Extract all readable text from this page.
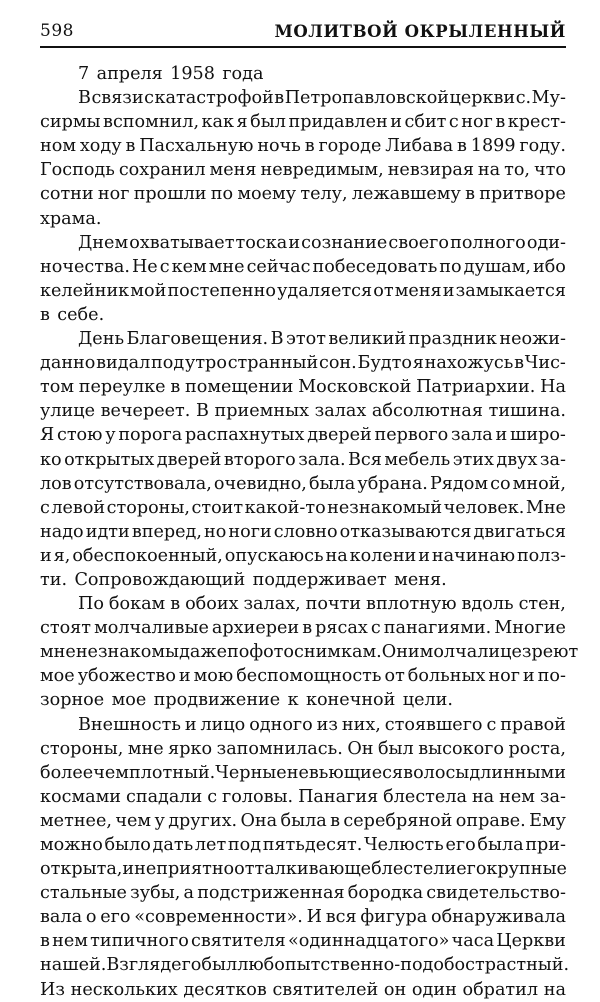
598	МОЛИТВОЙ ОКРЫЛЕННЫЙ
7 апреля 1958 года
В связи с катастрофой в Петропавловской церкви с. Му-
сирмы вспомнил, как я был придавлен и сбит с ног в крест-
ном ходу в Пасхальную ночь в городе Либава в 1899 году.
Господь сохранил меня невредимым, невзирая на то, что
сотни ног прошли по моему телу, лежавшему в притворе
храма.
Днем охватывает тоска и сознание своего полного оди-
ночества. Не с кем мне сейчас побеседовать по душам, ибо
келейник мой постепенно удаляется от меня и замыкается
в себе.
День Благовещения. В этот великий праздник неожи-
данно видал под утро странный сон. Будто я нахожусь в Чис-
том переулке в помещении Московской Патриархии. На
улице вечереет. В приемных залах абсолютная тишина.
Я стою у порога распахнутых дверей первого зала и широ-
ко открытых дверей второго зала. Вся мебель этих двух за-
лов отсутствовала, очевидно, была убрана. Рядом со мной,
с левой стороны, стоит какой-то незнакомый человек. Мне
надо идти вперед, но ноги словно отказываются двигаться
и я, обеспокоенный, опускаюсь на колени и начинаю полз-
ти. Сопровождающий поддерживает меня.
По бокам в обоих залах, почти вплотную вдоль стен,
стоят молчаливые архиереи в рясах с панагиями. Многие
мне незнакомы даже по фотоснимкам. Они молча лицезреют
мое убожество и мою беспомощность от больных ног и по-
зорное мое продвижение к конечной цели.
Внешность и лицо одного из них, стоявшего с правой
стороны, мне ярко запомнилась. Он был высокого роста,
более чем плотный. Черные невьющиеся волосы длинными
космами спадали с головы. Панагия блестела на нем за-
метнее, чем у других. Она была в серебряной оправе. Ему
можно было дать лет под пятьдесят. Челюсть его была при-
открыта, и неприятно отталкивающе блестели его крупные
стальные зубы, а подстриженная бородка свидетельство-
вала о его «современности». И вся фигура обнаруживала
в нем типичного святителя «одиннадцатого» часа Церкви
нашей. Взгляд его был любопытственно-подобострастный.
Из нескольких десятков святителей он один обратил на
